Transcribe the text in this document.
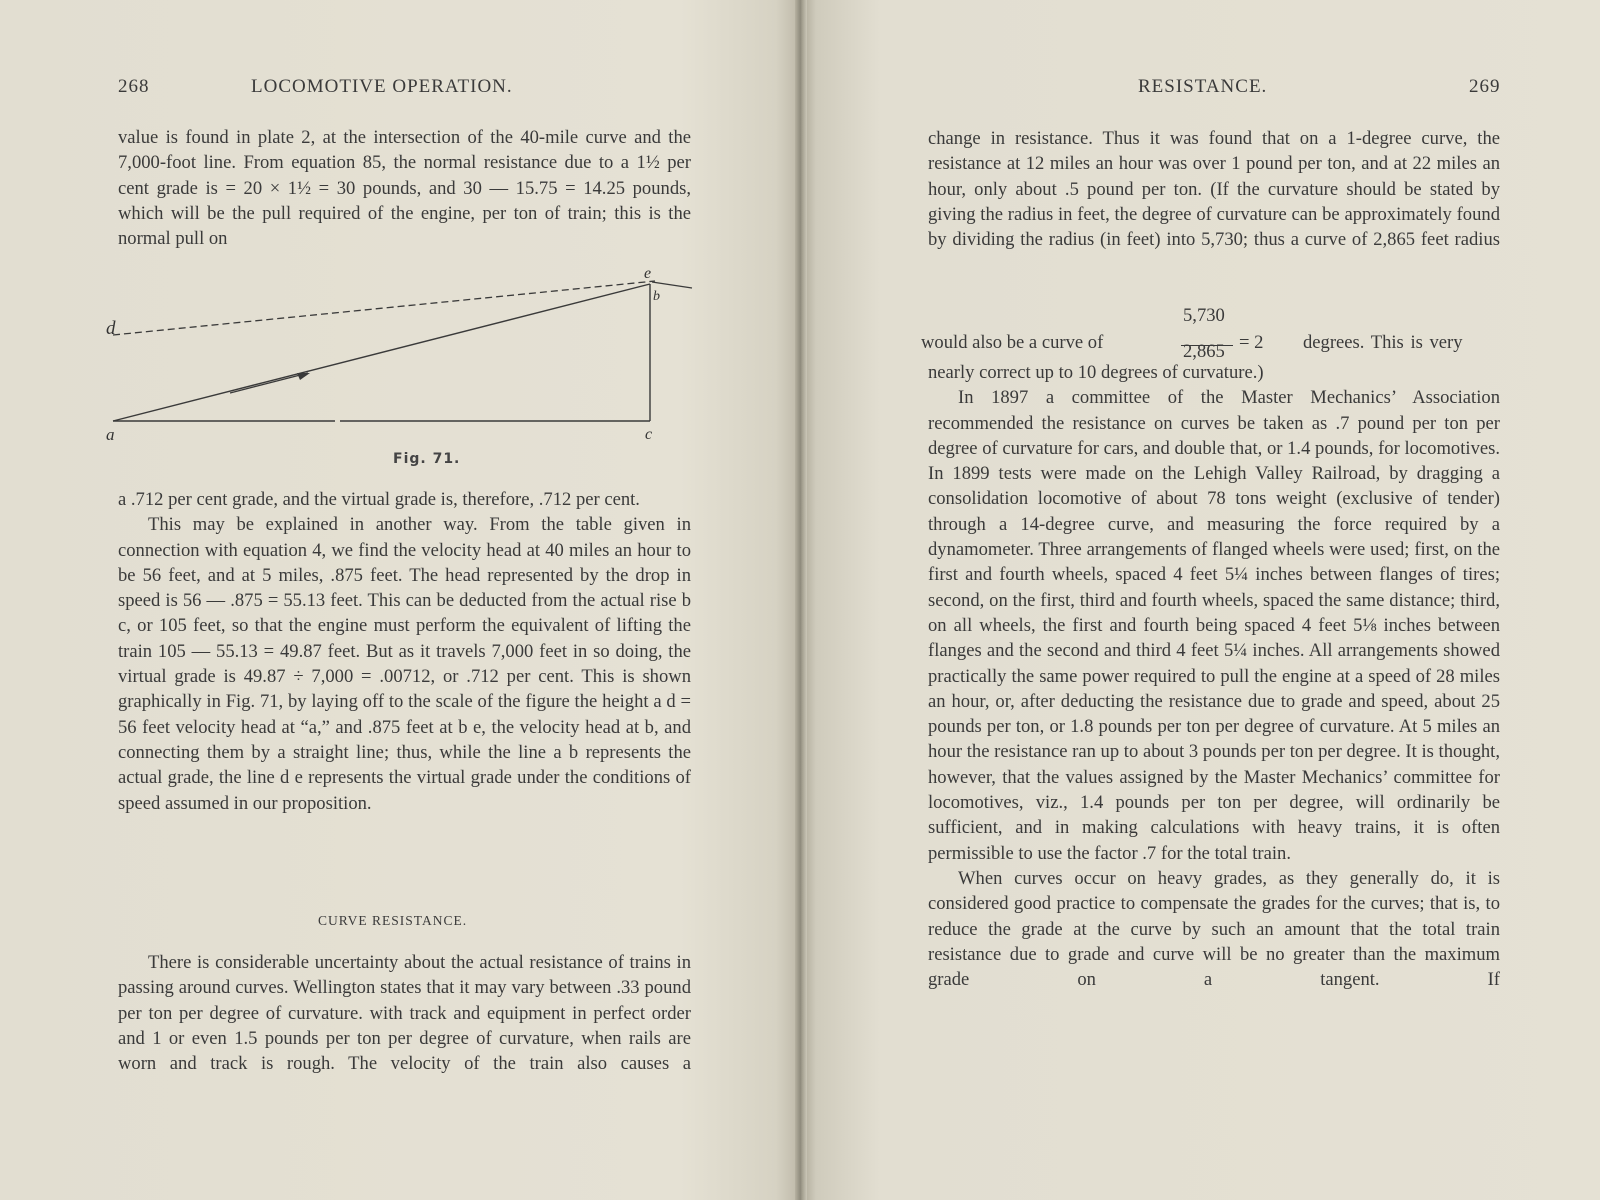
268	LOCOMOTIVE OPERATION.

value is found in plate 2, at the intersection of the 40-mile curve and the 7,000-foot line. From equation 85, the normal resistance due to a 1½ per cent grade is = 20 × 1½ = 30 pounds, and 30 — 15.75 = 14.25 pounds, which will be the pull required of the engine, per ton of train; this is the normal pull on

a
d
e
b
c
Fig. 71.

a .712 per cent grade, and the virtual grade is, therefore, .712 per cent.

This may be explained in another way. From the table given in connection with equation 4, we find the velocity head at 40 miles an hour to be 56 feet, and at 5 miles, .875 feet. The head represented by the drop in speed is 56 — .875 = 55.13 feet. This can be deducted from the actual rise b c, or 105 feet, so that the engine must perform the equivalent of lifting the train 105 — 55.13 = 49.87 feet. But as it travels 7,000 feet in so doing, the virtual grade is 49.87 ÷ 7,000 = .00712, or .712 per cent. This is shown graphically in Fig. 71, by laying off to the scale of the figure the height a d = 56 feet velocity head at “a,” and .875 feet at b e, the velocity head at b, and connecting them by a straight line; thus, while the line a b represents the actual grade, the line d e represents the virtual grade under the conditions of speed assumed in our proposition.

CURVE RESISTANCE.

There is considerable uncertainty about the actual resistance of trains in passing around curves. Wellington states that it may vary between .33 pound per ton per degree of curvature. with track and equipment in perfect order and 1 or even 1.5 pounds per ton per degree of curvature, when rails are worn and track is rough. The velocity of the train also causes a

RESISTANCE.	269

change in resistance. Thus it was found that on a 1-degree curve, the resistance at 12 miles an hour was over 1 pound per ton, and at 22 miles an hour, only about .5 pound per ton. (If the curvature should be stated by giving the radius in feet, the degree of curvature can be approximately found by dividing the radius (in feet) into 5,730; thus a curve of 2,865 feet radius

would also be a curve of
5,730
2,865 = 2 degrees. This is very

nearly correct up to 10 degrees of curvature.)

In 1897 a committee of the Master Mechanics’ Association recommended the resistance on curves be taken as .7 pound per ton per degree of curvature for cars, and double that, or 1.4 pounds, for locomotives. In 1899 tests were made on the Lehigh Valley Railroad, by dragging a consolidation locomotive of about 78 tons weight (exclusive of tender) through a 14-degree curve, and measuring the force required by a dynamometer. Three arrangements of flanged wheels were used; first, on the first and fourth wheels, spaced 4 feet 5¼ inches between flanges of tires; second, on the first, third and fourth wheels, spaced the same distance; third, on all wheels, the first and fourth being spaced 4 feet 5⅛ inches between flanges and the second and third 4 feet 5¼ inches. All arrangements showed practically the same power required to pull the engine at a speed of 28 miles an hour, or, after deducting the resistance due to grade and speed, about 25 pounds per ton, or 1.8 pounds per ton per degree of curvature. At 5 miles an hour the resistance ran up to about 3 pounds per ton per degree. It is thought, however, that the values assigned by the Master Mechanics’ committee for locomotives, viz., 1.4 pounds per ton per degree, will ordinarily be sufficient, and in making calculations with heavy trains, it is often permissible to use the factor .7 for the total train.

When curves occur on heavy grades, as they generally do, it is considered good practice to compensate the grades for the curves; that is, to reduce the grade at the curve by such an amount that the total train resistance due to grade and curve will be no greater than the maximum grade on a tangent. If
